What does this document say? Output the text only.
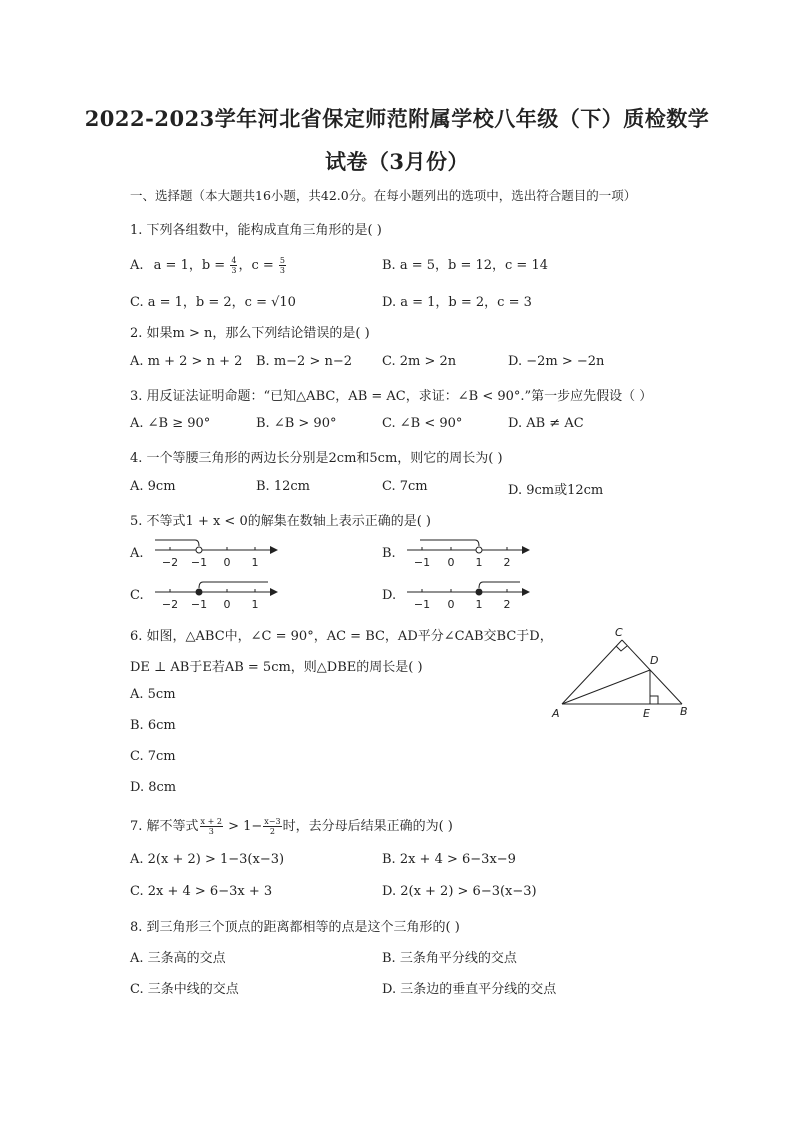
2022-2023学年河北省保定师范附属学校八年级（下）质检数学
试卷（3月份）
一、选择题（本大题共16小题，共42.0分。在每小题列出的选项中，选出符合题目的一项）
1. 下列各组数中，能构成直角三角形的是( )
A. a = 1，$b = \frac{4}{3}$ ，$c = \frac{5}{3}$	B. a = 5，b = 12，c = 14
C. a = 1，b = 2，c = √10	D. a = 1，b = 2，c = 3
2. 如果m > n，那么下列结论错误的是( )
A. m + 2 > n + 2 B. m−2 > n−2 C. 2m > 2n	D. −2m > −2n
3. 用反证法证明命题：“已知△ABC，AB = AC，求证：∠B < 90°.”第一步应先假设（ ）
A. ∠B ≥ 90°	B. ∠B > 90°	C. ∠B < 90°	D. AB ≠ AC
4. 一个等腰三角形的两边长分别是2cm和5cm，则它的周长为( )
A. 9cm	B. 12cm	C. 7cm	D. 9cm或12cm
5. 不等式1 + x < 0的解集在数轴上表示正确的是( )
A.	B.
C.	D.
−2 −1 0 1	−1 0 1 2
−2 −1 0 1	−1 0 1 2
6. 如图，△ABC中，∠C = 90°，AC = BC，AD平分∠CAB交BC于D，
DE ⊥ AB于E若AB = 5cm，则△DBE的周长是( )
A. 5cm
B. 6cm
C. 7cm
D. 8cm
C
D
A	E	B
7. 解不等式 $\frac{x + 2}{3} > 1- \frac{x-3}{2}$ 时，去分母后结果正确的为( )
A. 2(x + 2) > 1−3(x−3)	B. 2x + 4 > 6−3x−9
C. 2x + 4 > 6−3x + 3	D. 2(x + 2) > 6−3(x−3)
8. 到三角形三个顶点的距离都相等的点是这个三角形的( )
A. 三条高的交点	B. 三条角平分线的交点
C. 三条中线的交点	D. 三条边的垂直平分线的交点
